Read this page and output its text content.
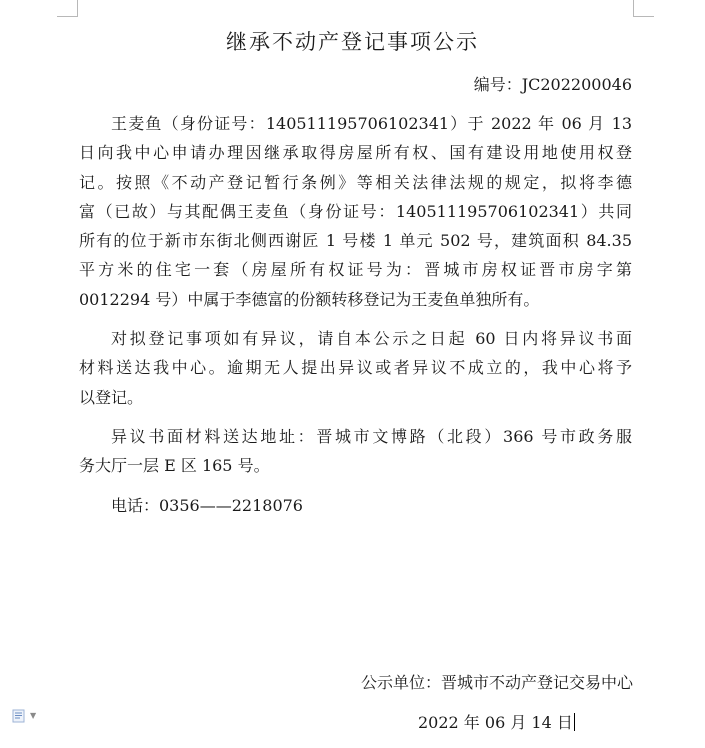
继承不动产登记事项公示
编号：JC202200046

王麦鱼（身份证号：140511195706102341）于 2022 年 06 月 13
日向我中心申请办理因继承取得房屋所有权、国有建设用地使用权登
记。按照《不动产登记暂行条例》等相关法律法规的规定，拟将李德
富（已故）与其配偶王麦鱼（身份证号：140511195706102341）共同
所有的位于新市东街北侧西谢匠 1 号楼 1 单元 502 号，建筑面积 84.35
平方米的住宅一套（房屋所有权证号为：晋城市房权证晋市房字第
0012294 号）中属于李德富的份额转移登记为王麦鱼单独所有。

对拟登记事项如有异议，请自本公示之日起 60 日内将异议书面
材料送达我中心。逾期无人提出异议或者异议不成立的，我中心将予
以登记。

异议书面材料送达地址：晋城市文博路（北段）366 号市政务服
务大厅一层 E 区 165 号。

电话：0356——2218076

公示单位：晋城市不动产登记交易中心
2022 年 06 月 14 日
▼
